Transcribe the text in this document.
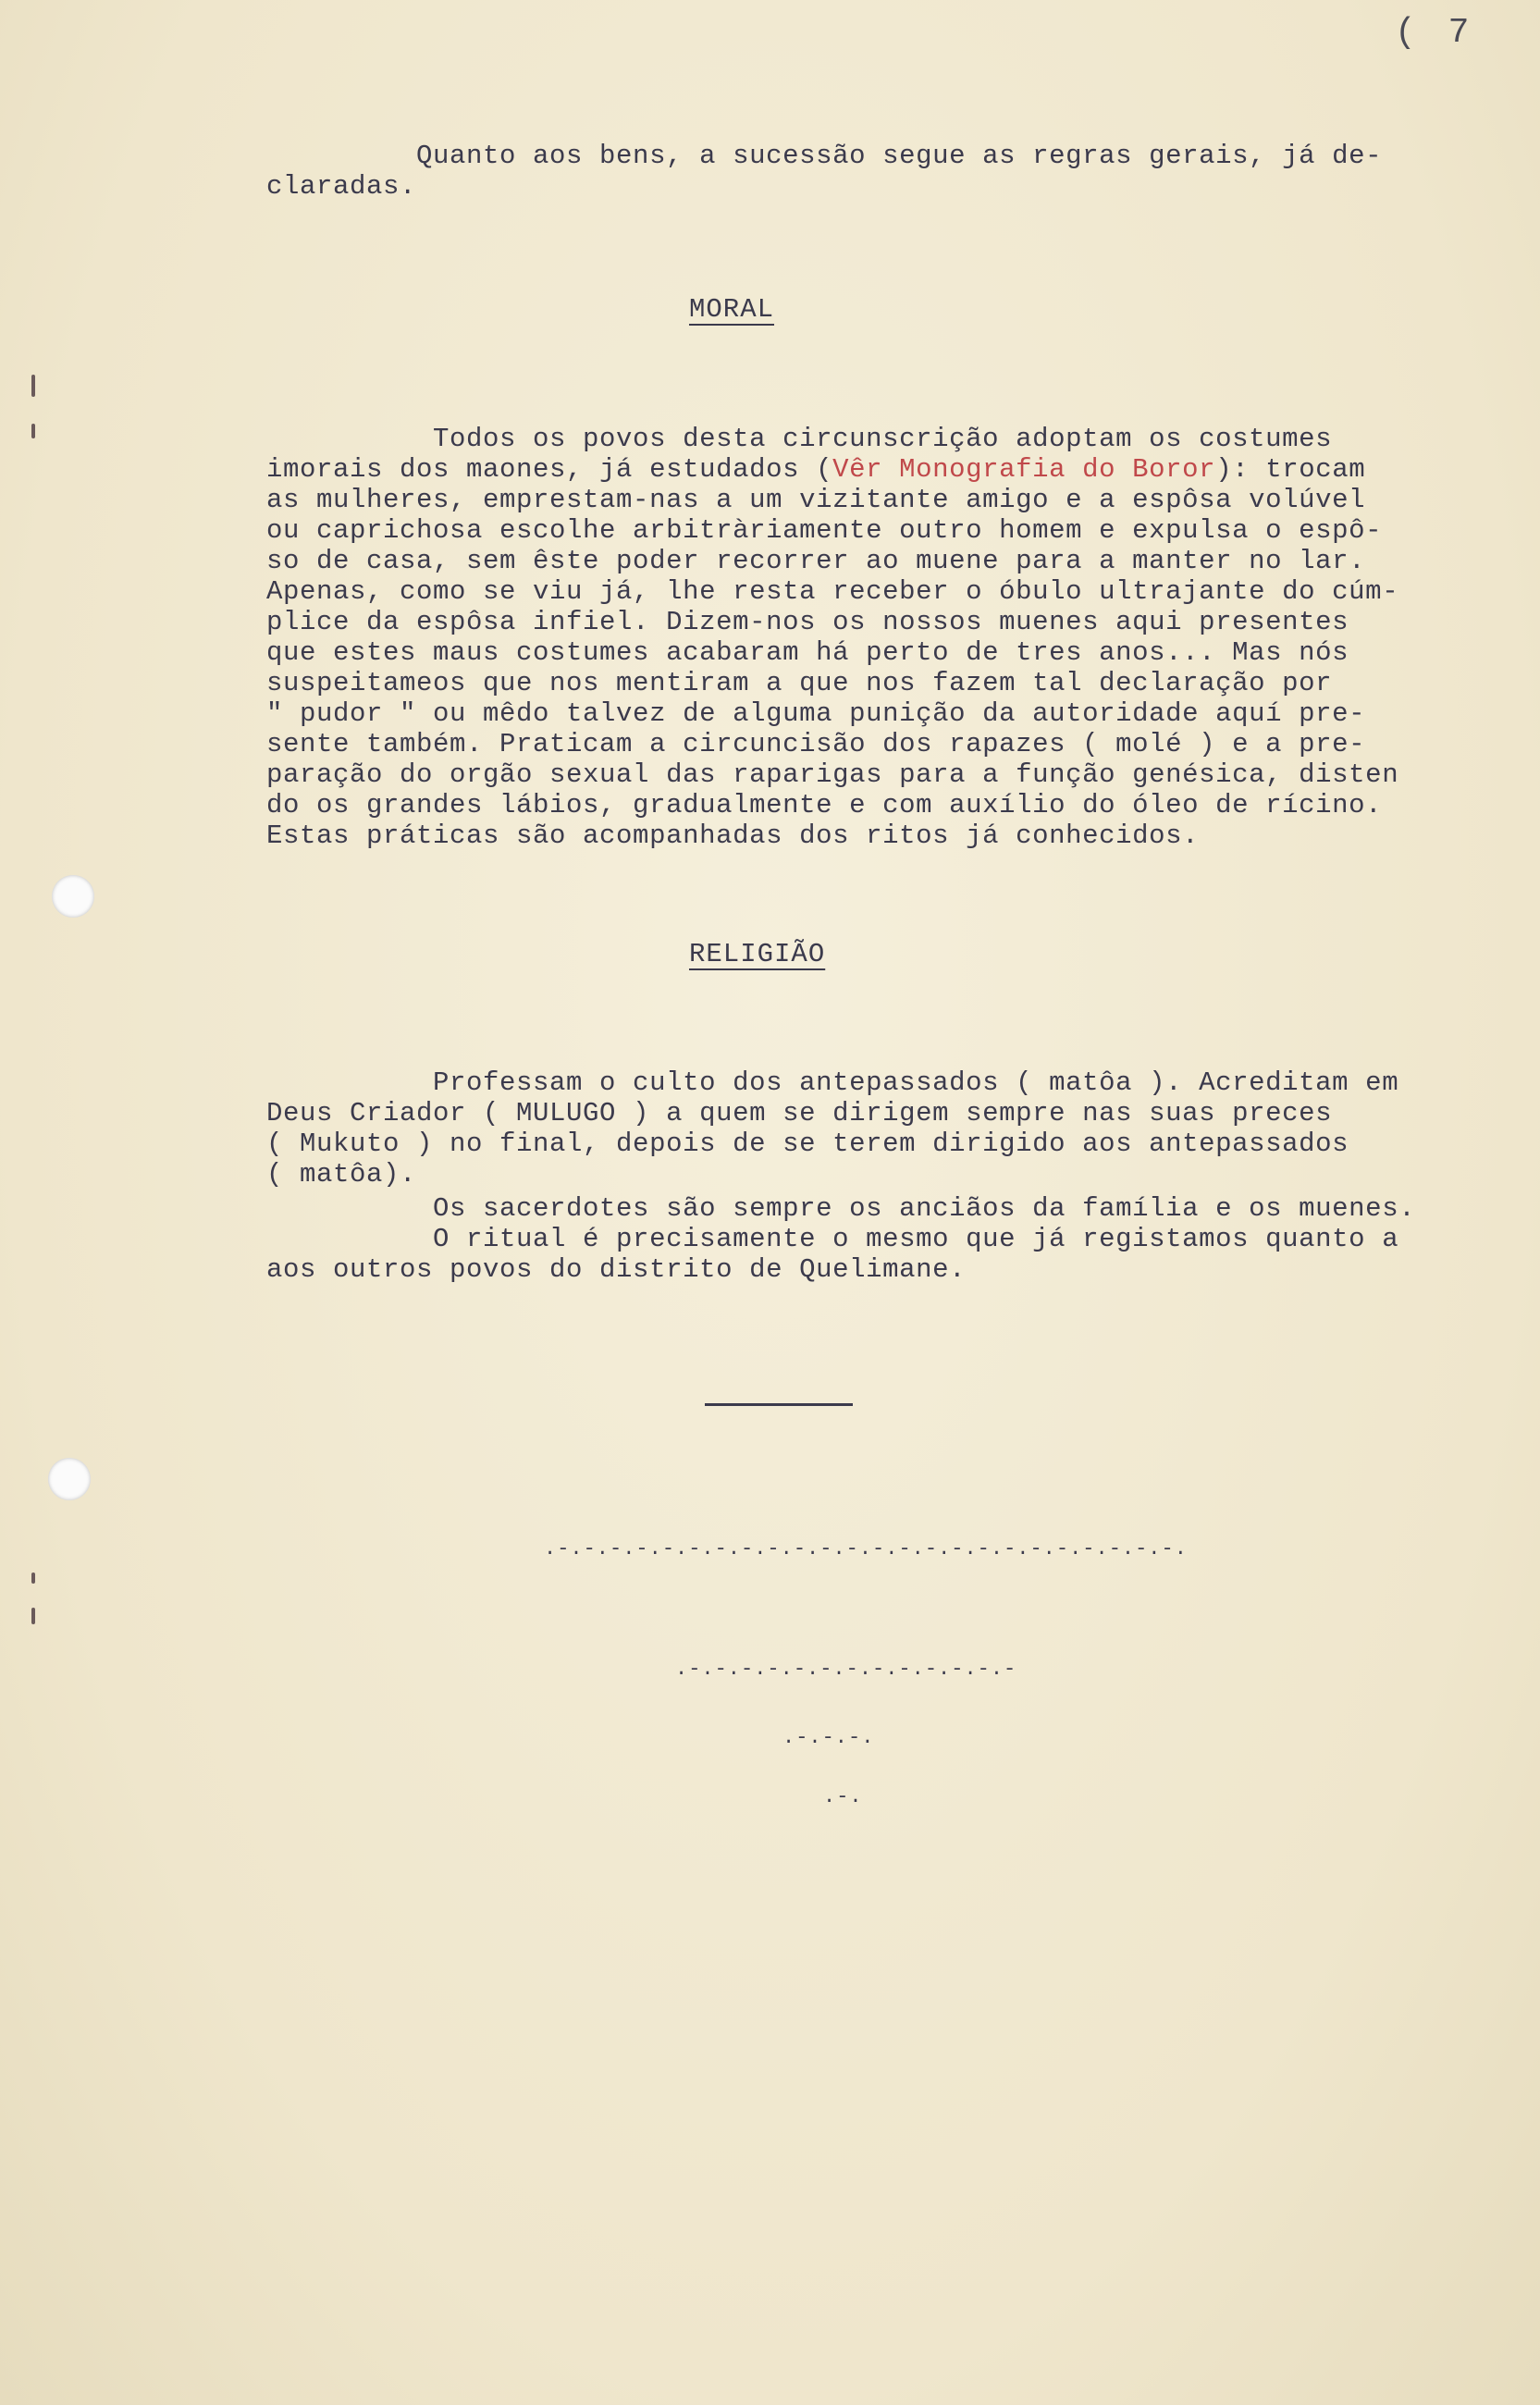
( 7
Quanto aos bens, a sucessão segue as regras gerais, já de-
claradas.
MORAL
Todos os povos desta circunscrição adoptam os costumes
imorais dos maones, já estudados (Vêr Monografia do Boror): trocam
as mulheres, emprestam-nas a um vizitante amigo e a espôsa volúvel
ou caprichosa escolhe arbitràriamente outro homem e expulsa o espô-
so de casa, sem êste poder recorrer ao muene para a manter no lar.
Apenas, como se viu já, lhe resta receber o óbulo ultrajante do cúm-
plice da espôsa infiel. Dizem-nos os nossos muenes aqui presentes
que estes maus costumes acabaram há perto de tres anos... Mas nós
suspeitameos que nos mentiram a que nos fazem tal declaração por
" pudor " ou mêdo talvez de alguma punição da autoridade aquí pre-
sente também. Praticam a circuncisão dos rapazes ( molé ) e a pre-
paração do orgão sexual das raparigas para a função genésica, disten
do os grandes lábios, gradualmente e com auxílio do óleo de rícino.
Estas práticas são acompanhadas dos ritos já conhecidos.
RELIGIÃO
Professam o culto dos antepassados ( matôa ). Acreditam em
Deus Criador ( MULUGO ) a quem se dirigem sempre nas suas preces
( Mukuto ) no final, depois de se terem dirigido aos antepassados
( matôa).
Os sacerdotes são sempre os anciãos da família e os muenes.
O ritual é precisamente o mesmo que já registamos quanto a
aos outros povos do distrito de Quelimane.
.-.-.-.-.-.-.-.-.-.-.-.-.-.-.-.-.-.-.-.-.-.-.-.-.
.-.-.-.-.-.-.-.-.-.-.-.-.-
.-.-.-.
.-.
